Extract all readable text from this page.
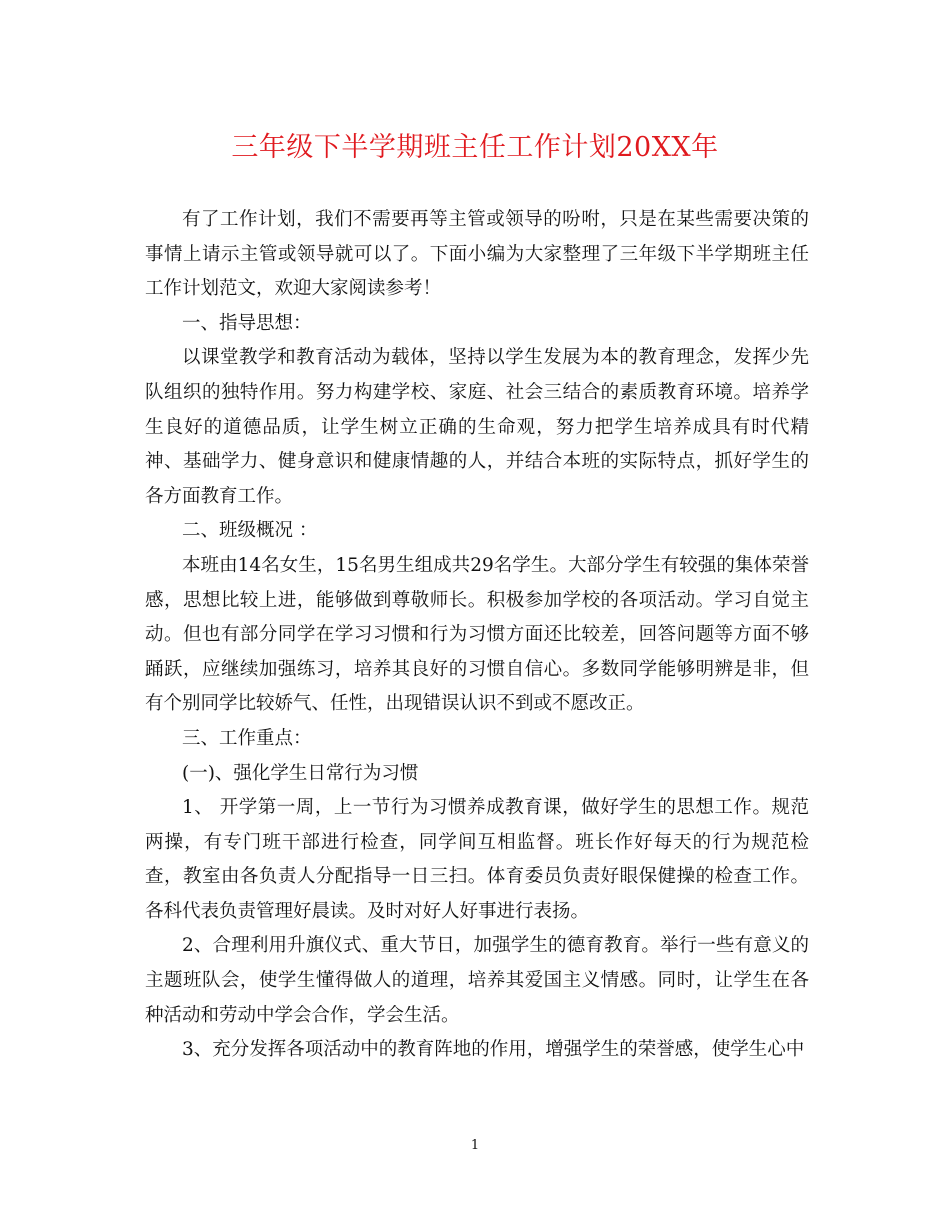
三年级下半学期班主任工作计划20XX年

有了工作计划，我们不需要再等主管或领导的吩咐，只是在某些需要决策的事情上请示主管或领导就可以了。下面小编为大家整理了三年级下半学期班主任工作计划范文，欢迎大家阅读参考！

一、指导思想：

以课堂教学和教育活动为载体，坚持以学生发展为本的教育理念，发挥少先队组织的独特作用。努力构建学校、家庭、社会三结合的素质教育环境。培养学生良好的道德品质，让学生树立正确的生命观，努力把学生培养成具有时代精神、基础学力、健身意识和健康情趣的人，并结合本班的实际特点，抓好学生的各方面教育工作。

二、班级概况 ：

本班由14名女生，15名男生组成共29名学生。大部分学生有较强的集体荣誉感，思想比较上进，能够做到尊敬师长。积极参加学校的各项活动。学习自觉主动。但也有部分同学在学习习惯和行为习惯方面还比较差，回答问题等方面不够踊跃，应继续加强练习，培养其良好的习惯自信心。多数同学能够明辨是非，但有个别同学比较娇气、任性，出现错误认识不到或不愿改正。

三、工作重点：

(一)、强化学生日常行为习惯

1、 开学第一周，上一节行为习惯养成教育课，做好学生的思想工作。规范两操，有专门班干部进行检查，同学间互相监督。班长作好每天的行为规范检查，教室由各负责人分配指导一日三扫。体育委员负责好眼保健操的检查工作。各科代表负责管理好晨读。及时对好人好事进行表扬。

2、合理利用升旗仪式、重大节日，加强学生的德育教育。举行一些有意义的主题班队会，使学生懂得做人的道理，培养其爱国主义情感。同时，让学生在各种活动和劳动中学会合作，学会生活。

3、充分发挥各项活动中的教育阵地的作用，增强学生的荣誉感，使学生心中

1
